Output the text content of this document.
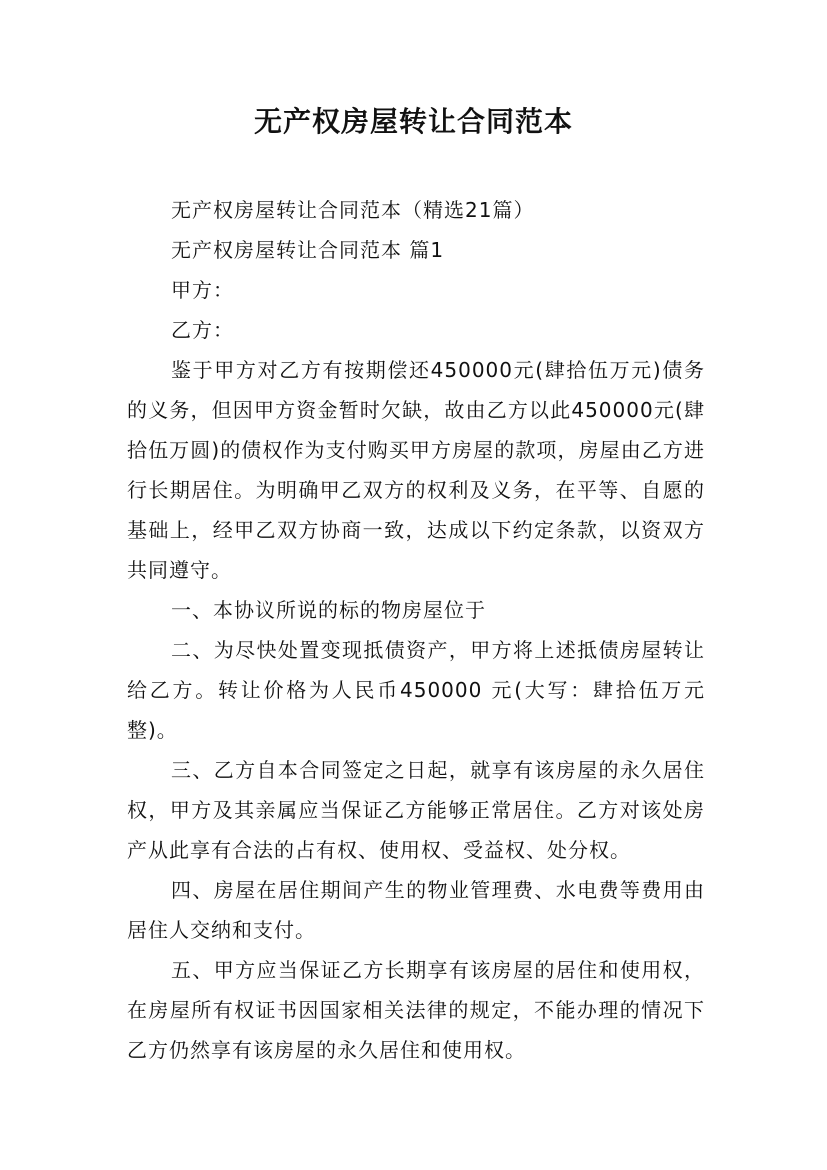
无产权房屋转让合同范本

无产权房屋转让合同范本（精选21篇）

无产权房屋转让合同范本 篇1

甲方：

乙方：

鉴于甲方对乙方有按期偿还450000元(肆拾伍万元)债务的义务，但因甲方资金暂时欠缺，故由乙方以此450000元(肆拾伍万圆)的债权作为支付购买甲方房屋的款项，房屋由乙方进行长期居住。为明确甲乙双方的权利及义务，在平等、自愿的基础上，经甲乙双方协商一致，达成以下约定条款，以资双方共同遵守。

一、本协议所说的标的物房屋位于

二、为尽快处置变现抵债资产，甲方将上述抵债房屋转让给乙方。转让价格为人民币450000 元(大写：肆拾伍万元整)。

三、乙方自本合同签定之日起，就享有该房屋的永久居住权，甲方及其亲属应当保证乙方能够正常居住。乙方对该处房产从此享有合法的占有权、使用权、受益权、处分权。

四、房屋在居住期间产生的物业管理费、水电费等费用由居住人交纳和支付。

五、甲方应当保证乙方长期享有该房屋的居住和使用权，在房屋所有权证书因国家相关法律的规定，不能办理的情况下乙方仍然享有该房屋的永久居住和使用权。
